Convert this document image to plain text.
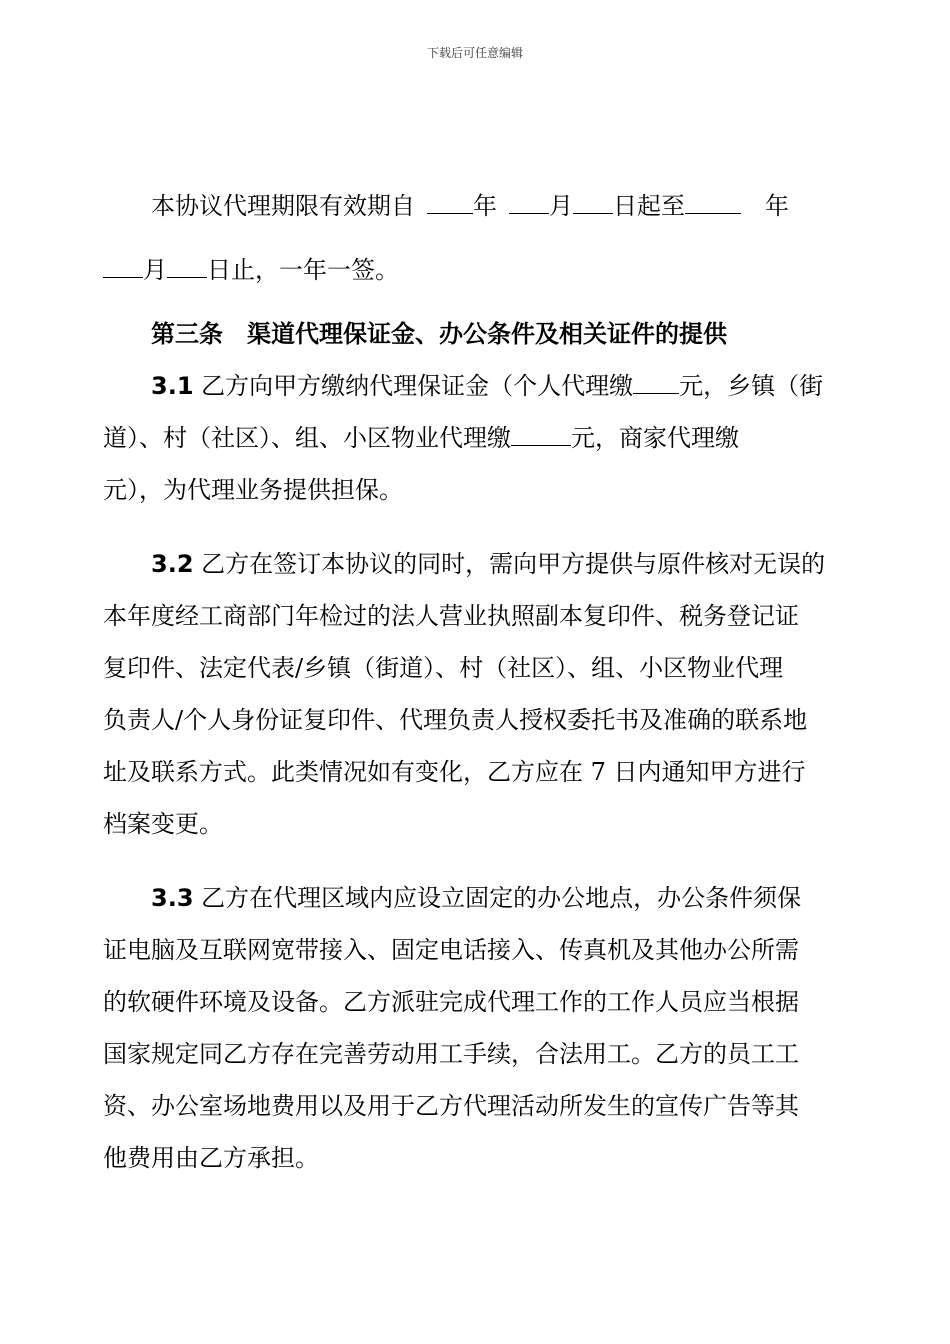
下载后可任意编辑
本协议代理期限有效期自 年 月 日起至	年
月 日止，一年一签。
第三条　渠道代理保证金、办公条件及相关证件的提供
3.1 乙方向甲方缴纳代理保证金（个人代理缴 元，乡镇（街
道）、村（社区）、组、小区物业代理缴	元，商家代理缴
元），为代理业务提供担保。
3.2 乙方在签订本协议的同时，需向甲方提供与原件核对无误的
本年度经工商部门年检过的法人营业执照副本复印件、税务登记证
复印件、法定代表/乡镇（街道）、村（社区）、组、小区物业代理
负责人/个人身份证复印件、代理负责人授权委托书及准确的联系地
址及联系方式。此类情况如有变化，乙方应在 7 日内通知甲方进行
档案变更。
3.3 乙方在代理区域内应设立固定的办公地点，办公条件须保
证电脑及互联网宽带接入、固定电话接入、传真机及其他办公所需
的软硬件环境及设备。乙方派驻完成代理工作的工作人员应当根据
国家规定同乙方存在完善劳动用工手续，合法用工。乙方的员工工
资、办公室场地费用以及用于乙方代理活动所发生的宣传广告等其
他费用由乙方承担。
